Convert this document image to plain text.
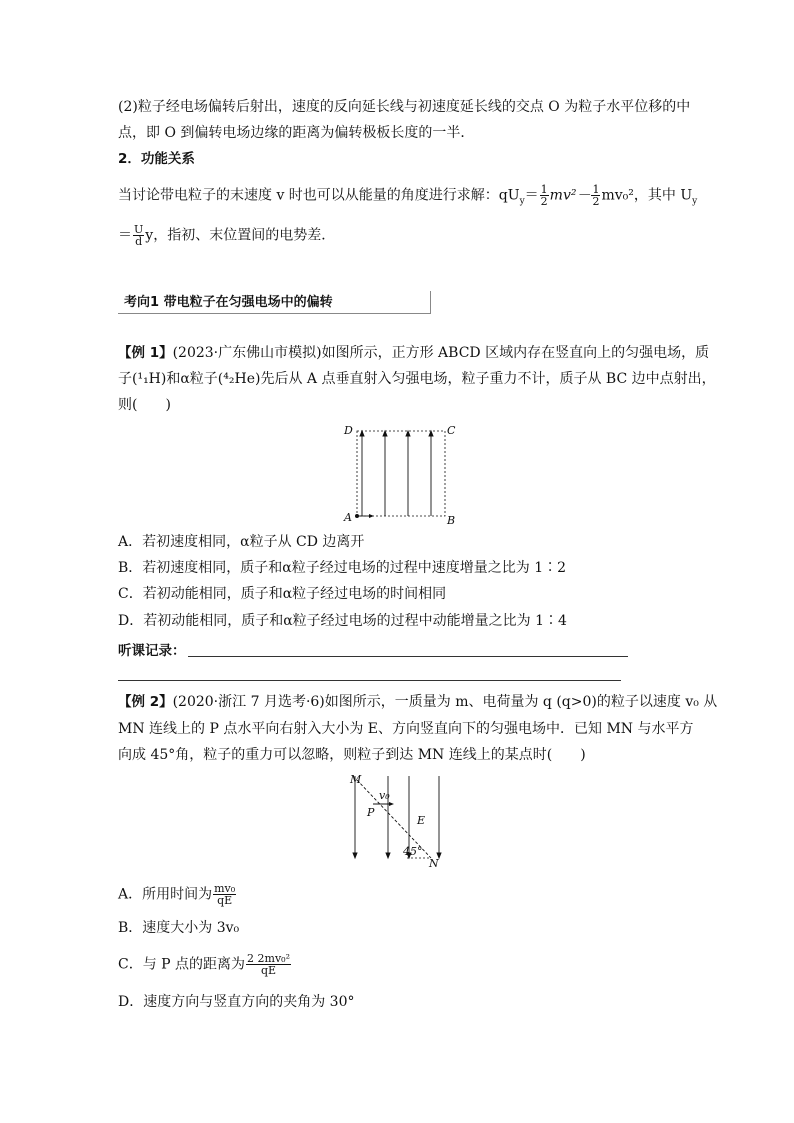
(2)粒子经电场偏转后射出，速度的反向延长线与初速度延长线的交点 O 为粒子水平位移的中
点，即 O 到偏转电场边缘的距离为偏转极板长度的一半．
2．功能关系
当讨论带电粒子的末速度 v 时也可以从能量的角度进行求解：$qU_y= \frac{1}{2} mv^2- \frac{1}{2} mv_0^2$，其中 $U_y$
＝ $\frac{U}{d}$ y，指初、末位置间的电势差．
考向1 带电粒子在匀强电场中的偏转
【例 1】(2023·广东佛山市模拟)如图所示，正方形 ABCD 区域内存在竖直向上的匀强电场，质
子(¹₁H)和α粒子(⁴₂He)先后从 A 点垂直射入匀强电场，粒子重力不计，质子从 BC 边中点射出，
则(　　)
D	C
A	B
A．若初速度相同，α粒子从 CD 边离开
B．若初速度相同，质子和α粒子经过电场的过程中速度增量之比为 1∶2
C．若初动能相同，质子和α粒子经过电场的时间相同
D．若初动能相同，质子和α粒子经过电场的过程中动能增量之比为 1∶4
听课记录：
【例 2】(2020·浙江 7 月选考·6)如图所示，一质量为 m、电荷量为 q (q>0)的粒子以速度 v₀ 从
MN 连线上的 P 点水平向右射入大小为 E、方向竖直向下的匀强电场中．已知 MN 与水平方
向成 45°角，粒子的重力可以忽略，则粒子到达 MN 连线上的某点时(　　)
M
P
v₀
E
45°
N
A．所用时间为 $\frac{\text{mv₀}}{qE}$
B．速度大小为 3v₀
C．与 P 点的距离为 $\frac{\text{2 2mv₀²}}{qE}$
D．速度方向与竖直方向的夹角为 30°
